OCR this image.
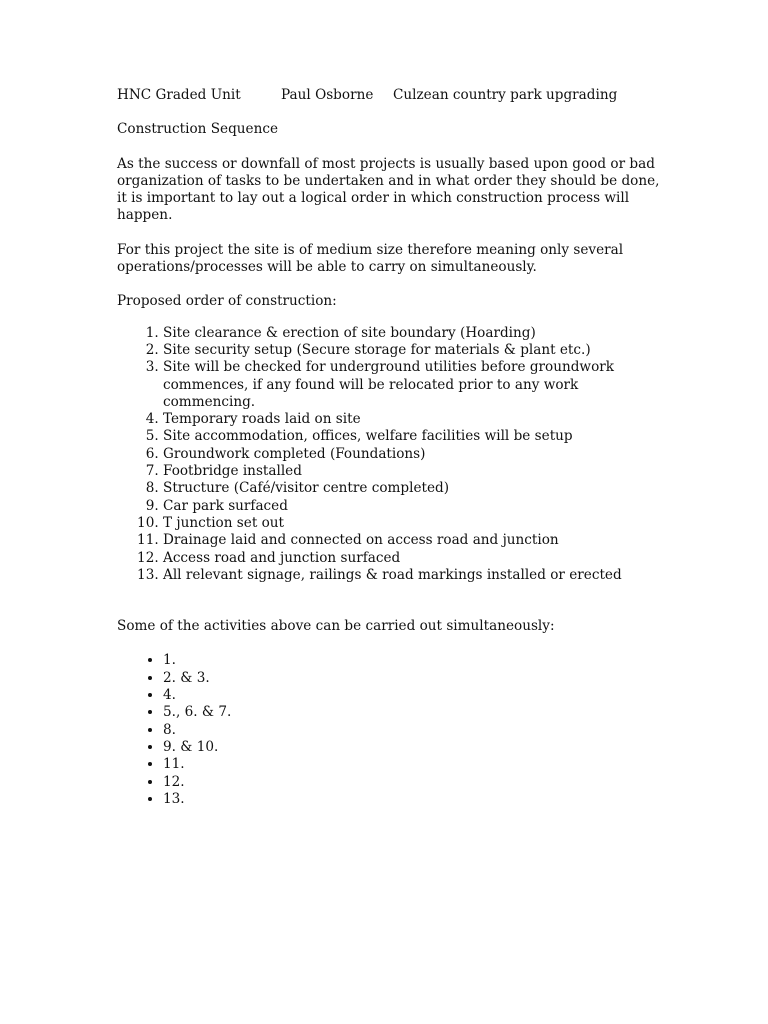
HNC Graded Unit	Paul Osborne	Culzean country park upgrading

Construction Sequence

As the success or downfall of most projects is usually based upon good or bad organization of tasks to be undertaken and in what order they should be done, it is important to lay out a logical order in which construction process will happen.

For this project the site is of medium size therefore meaning only several operations/processes will be able to carry on simultaneously.

Proposed order of construction:

1. Site clearance & erection of site boundary (Hoarding)
2. Site security setup (Secure storage for materials & plant etc.)
3. Site will be checked for underground utilities before groundwork commences, if any found will be relocated prior to any work commencing.
4. Temporary roads laid on site
5. Site accommodation, offices, welfare facilities will be setup
6. Groundwork completed (Foundations)
7. Footbridge installed
8. Structure (Café/visitor centre completed)
9. Car park surfaced
10. T junction set out
11. Drainage laid and connected on access road and junction
12. Access road and junction surfaced
13. All relevant signage, railings & road markings installed or erected

Some of the activities above can be carried out simultaneously:

• 1.
• 2. & 3.
• 4.
• 5., 6. & 7.
• 8.
• 9. & 10.
• 11.
• 12.
• 13.
